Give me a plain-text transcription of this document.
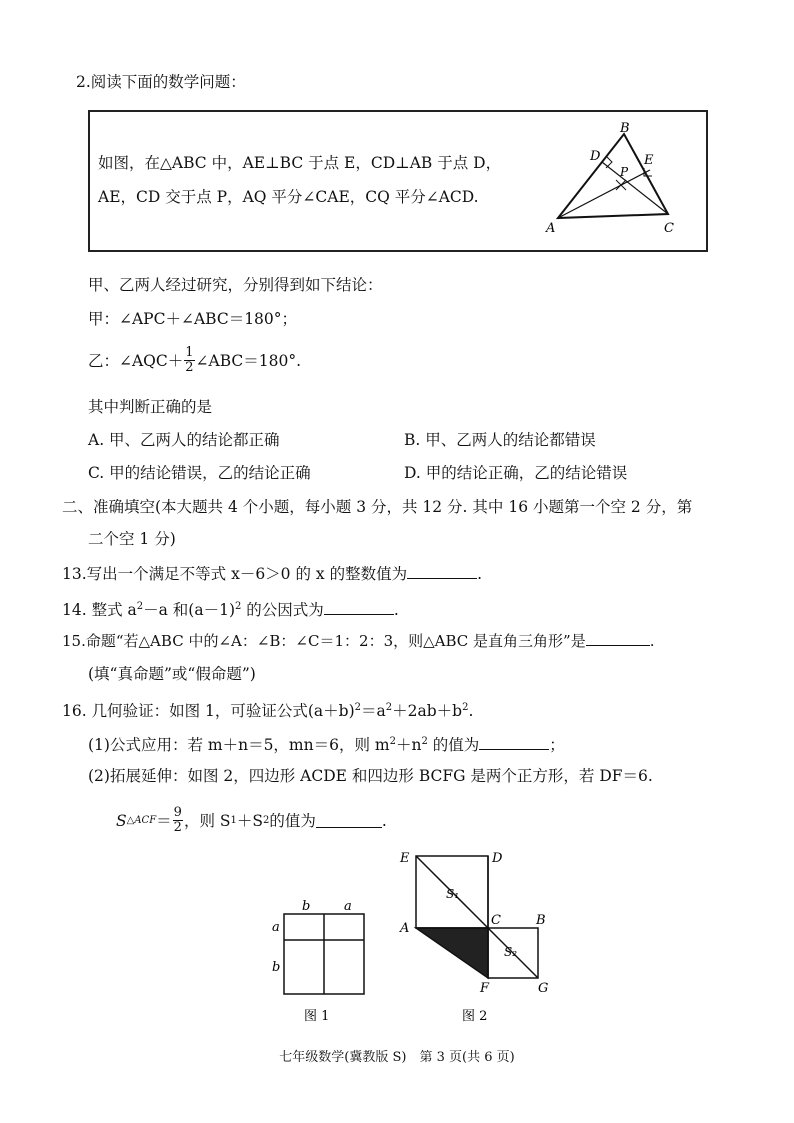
2.阅读下面的数学问题：
如图，在△ABC 中，AE⊥BC 于点 E，CD⊥AB 于点 D，
AE，CD 交于点 P，AQ 平分∠CAE，CQ 平分∠ACD.
B
D	E
P
A	C
甲、乙两人经过研究，分别得到如下结论：
甲：∠APC＋∠ABC＝180°；
乙：∠AQC＋ $\frac{1}{2}$ ∠ABC＝180°.
其中判断正确的是
A. 甲、乙两人的结论都正确	B. 甲、乙两人的结论都错误
C. 甲的结论错误，乙的结论正确	D. 甲的结论正确，乙的结论错误
二、准确填空(本大题共 4 个小题，每小题 3 分，共 12 分. 其中 16 小题第一个空 2 分，第
二个空 1 分)
13.写出一个满足不等式 x－6＞0 的 x 的整数值为	.
14. 整式 $a^2-a$ 和$(a-1)^2$ 的公因式为	.
15.命题“若△ABC 中的∠A：∠B：∠C＝1：2：3，则△ABC 是直角三角形”是	.
(填“真命题”或“假命题”)
16. 几何验证：如图 1，可验证公式$(a+b)^2=a^2+2ab+b^2$.
(1)公式应用：若 m＋n＝5，mn＝6，则 $m^2+n^2$ 的值为	；
(2)拓展延伸：如图 2，四边形 ACDE 和四边形 BCFG 是两个正方形，若 DF＝6.
S △ACF ＝ $\frac{9}{2}$ ，则 S 1 ＋S 2 的值为	.
b	a
a
b
图 1
E	D
A
C	B
F	G
S₁
S₂
图 2
七年级数学(冀教版 S)　第 3 页(共 6 页)
